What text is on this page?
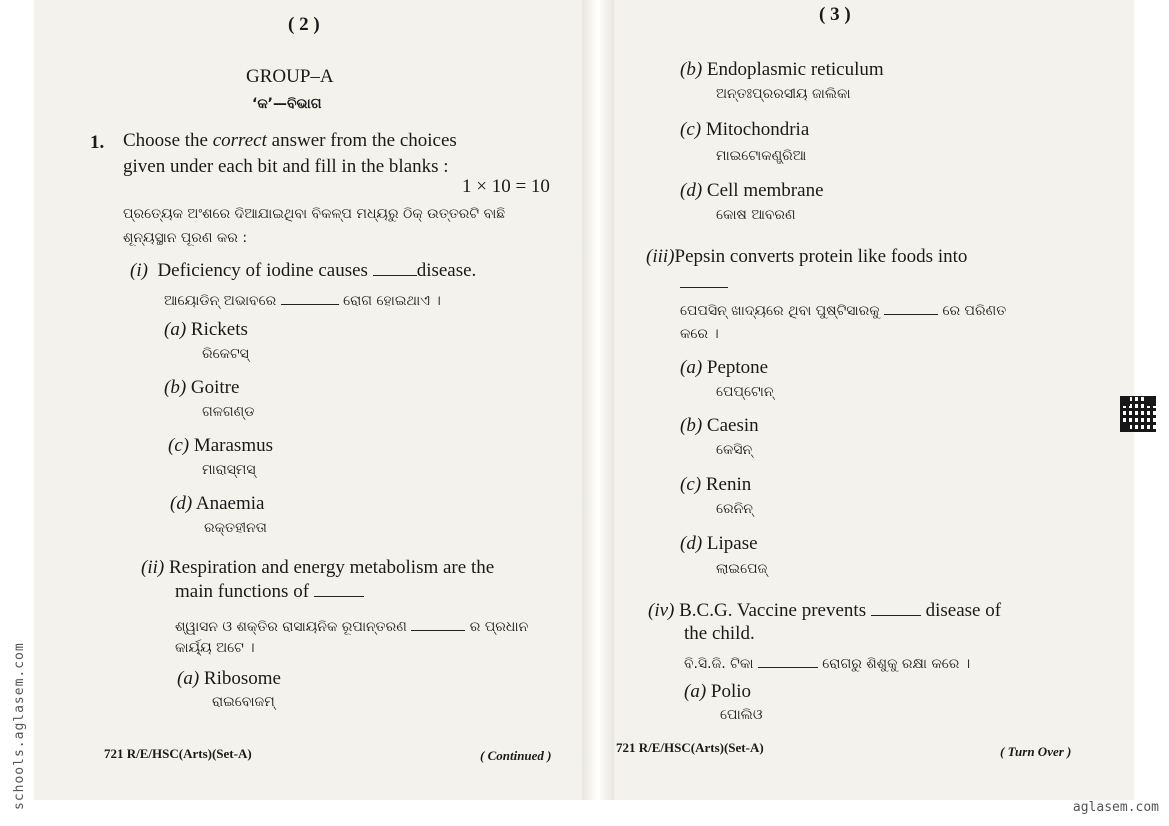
( 2 )
GROUP–A
‘କ’—ବିଭାଗ
1. Choose the correct answer from the choices
given under each bit and fill in the blanks :
1 × 10 = 10
ପ୍ରତ୍ୟେକ ଅଂଶରେ ଦିଆଯାଇଥିବା ବିକଳ୍ପ ମଧ୍ୟରୁ ଠିକ୍ ଉତ୍ତରଟି ବାଛି
ଶୂନ୍ୟସ୍ଥାନ ପୂରଣ କର :
(i) Deficiency of iodine causes	disease.
ଆୟୋଡିନ୍ ଅଭାବରେ	ରୋଗ ହୋଇଥାଏ ।
(a) Rickets
ରିକେଟସ୍
(b) Goitre
ଗଳଗଣ୍ଡ
(c) Marasmus
ମାରାସ୍ମସ୍
(d) Anaemia
ରକ୍ତହୀନତା
(ii) Respiration and energy metabolism are the
main functions of
ଶ୍ୱାସନ ଓ ଶକ୍ତିର ରାସାୟନିକ ରୂପାନ୍ତରଣ	ର ପ୍ରଧାନ
କାର୍ୟ୍ୟ ଅଟେ ।
(a) Ribosome
ରାଇବୋଜମ୍
721 R/E/HSC(Arts)(Set-A)	( Continued )
( 3 )
(b) Endoplasmic reticulum
ଅନ୍ତଃପ୍ରରସୀୟ ଜାଲିକା
(c) Mitochondria
ମାଇଟୋକଣ୍ଡ୍ରିଆ
(d) Cell membrane
କୋଷ ଆବରଣ
(iii)Pepsin converts protein like foods into
ପେପସିନ୍ ଖାଦ୍ୟରେ ଥିବା ପୁଷ୍ଟିସାରକୁ	ରେ ପରିଣତ
କରେ ।
(a) Peptone
ପେପ୍ଟୋନ୍
(b) Caesin
କେସିନ୍
(c) Renin
ରେନିନ୍
(d) Lipase
ଲାଇପେଜ୍
(iv) B.C.G. Vaccine prevents	disease of
the child.
ବି.ସି.ଜି. ଟିକା	ରୋଗରୁ ଶିଶୁକୁ ରକ୍ଷା କରେ ।
(a) Polio
ପୋଲିଓ
721 R/E/HSC(Arts)(Set-A)	( Turn Over )
schools.aglasem.com	aglasem.com
